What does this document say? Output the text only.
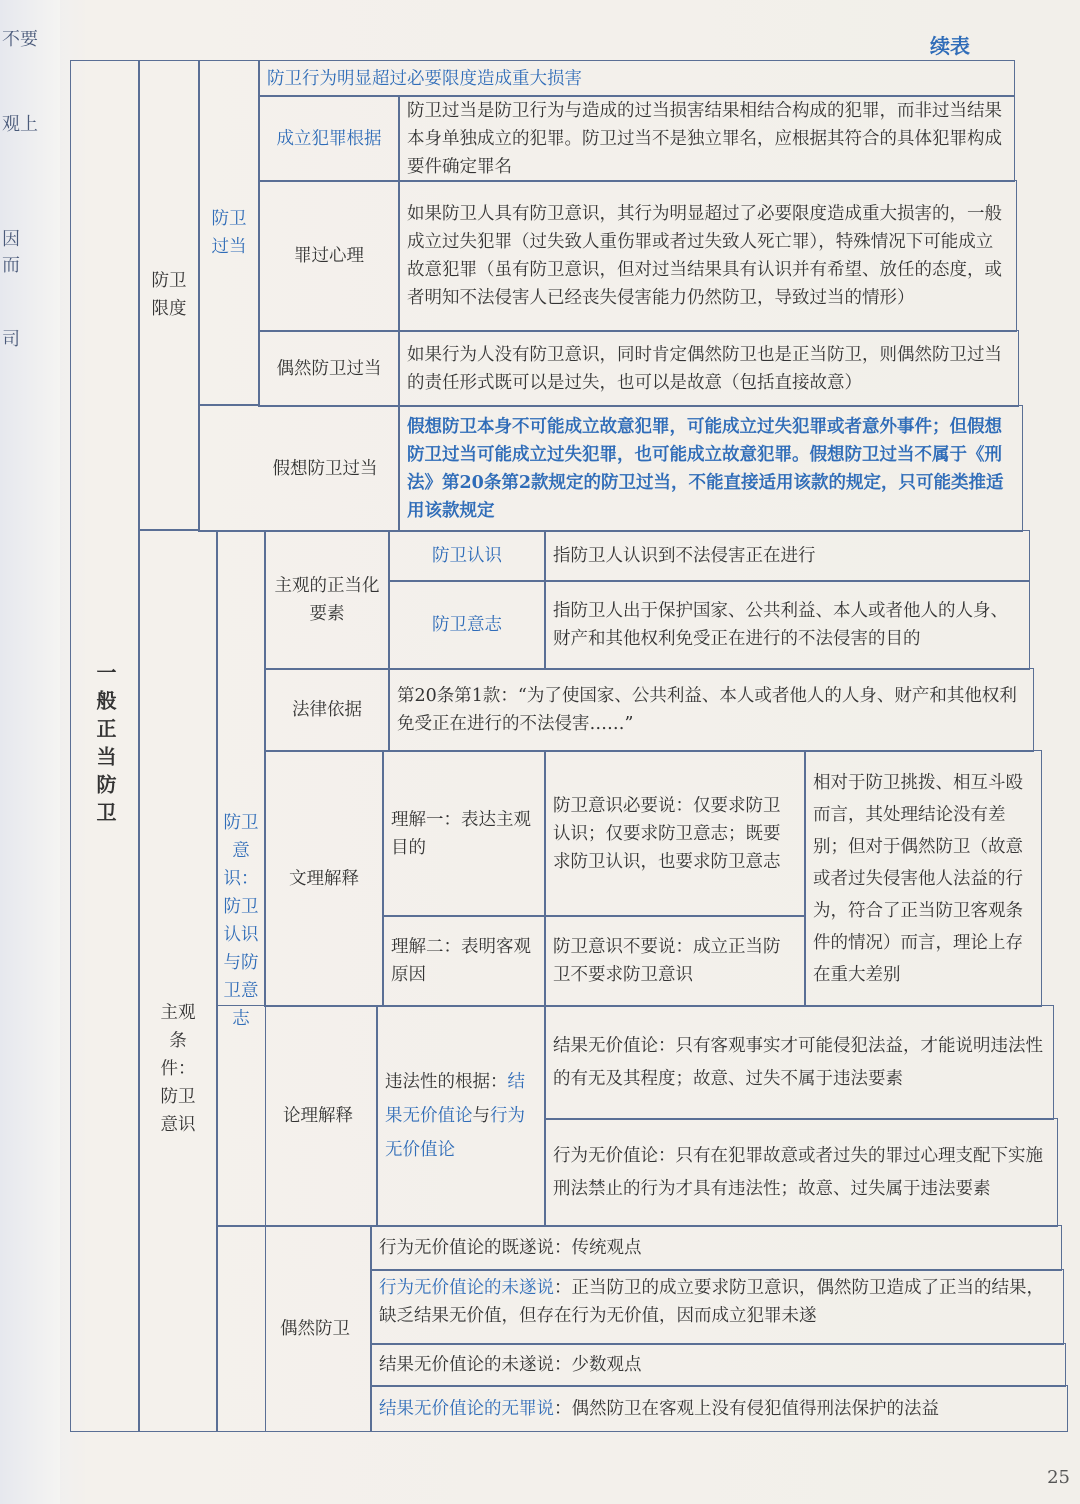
不要
观上
因而
司
续表
一般正当防卫
防卫限度
防卫过当
防卫行为明显超过必要限度造成重大损害
成立犯罪根据
防卫过当是防卫行为与造成的过当损害结果相结合构成的犯罪，而非过当结果本身单独成立的犯罪。防卫过当不是独立罪名，应根据其符合的具体犯罪构成要件确定罪名
罪过心理
如果防卫人具有防卫意识，其行为明显超过了必要限度造成重大损害的，一般成立过失犯罪（过失致人重伤罪或者过失致人死亡罪），特殊情况下可能成立故意犯罪（虽有防卫意识，但对过当结果具有认识并有希望、放任的态度，或者明知不法侵害人已经丧失侵害能力仍然防卫，导致过当的情形）
偶然防卫过当
如果行为人没有防卫意识，同时肯定偶然防卫也是正当防卫，则偶然防卫过当的责任形式既可以是过失，也可以是故意（包括直接故意）
假想防卫过当
假想防卫本身不可能成立故意犯罪，可能成立过失犯罪或者意外事件；但假想防卫过当可能成立过失犯罪，也可能成立故意犯罪。假想防卫过当不属于《刑法》第20条第2款规定的防卫过当，不能直接适用该款的规定，只可能类推适用该款规定
主观条件：防卫意识
防卫意识：防卫认识与防卫意志
主观的正当化要素
防卫认识	指防卫人认识到不法侵害正在进行
防卫意志
指防卫人出于保护国家、公共利益、本人或者他人的人身、财产和其他权利免受正在进行的不法侵害的目的
法律依据
第20条第1款：“为了使国家、公共利益、本人或者他人的人身、财产和其他权利免受正在进行的不法侵害……”
文理解释
理解一：表达主观目的
防卫意识必要说：仅要求防卫认识；仅要求防卫意志；既要求防卫认识，也要求防卫意志
理解二：表明客观原因
防卫意识不要说：成立正当防卫不要求防卫意识
相对于防卫挑拨、相互斗殴而言，其处理结论没有差别；但对于偶然防卫（故意或者过失侵害他人法益的行为，符合了正当防卫客观条件的情况）而言，理论上存在重大差别
论理解释
违法性的根据：结果无价值论与行为无价值论
结果无价值论：只有客观事实才可能侵犯法益，才能说明违法性的有无及其程度；故意、过失不属于违法要素
行为无价值论：只有在犯罪故意或者过失的罪过心理支配下实施刑法禁止的行为才具有违法性；故意、过失属于违法要素
偶然防卫
行为无价值论的既遂说：传统观点
行为无价值论的未遂说：正当防卫的成立要求防卫意识，偶然防卫造成了正当的结果，缺乏结果无价值，但存在行为无价值，因而成立犯罪未遂
结果无价值论的未遂说：少数观点
结果无价值论的无罪说 ：偶然防卫在客观上没有侵犯值得刑法保护的法益
25
